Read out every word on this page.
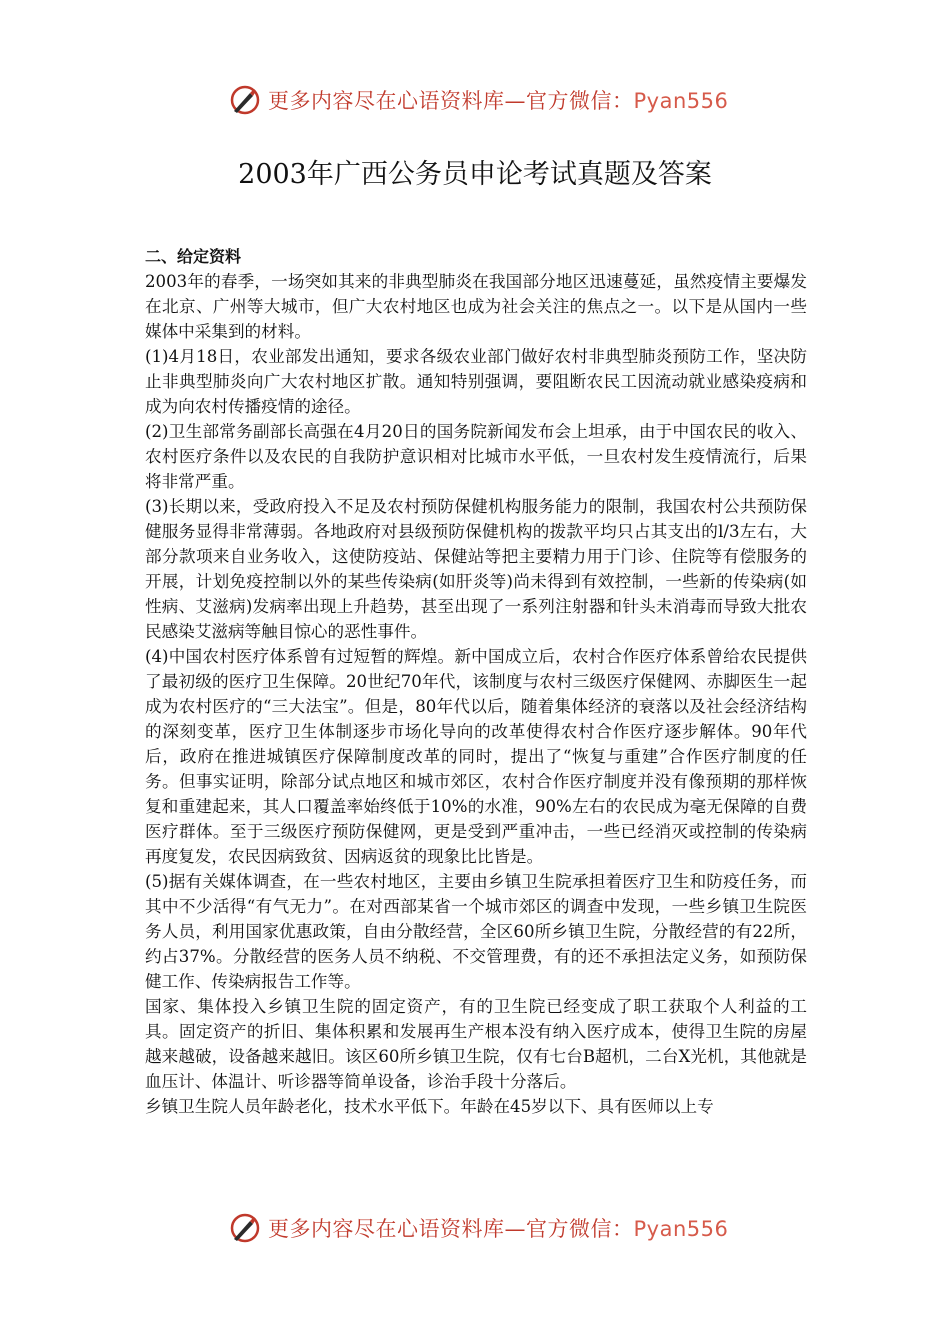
更多内容尽在心语资料库—官方微信：Pyan556
2003年广西公务员申论考试真题及答案

二、给定资料

2003年的春季，一场突如其来的非典型肺炎在我国部分地区迅速蔓延，虽然疫情主要爆发在北京、广州等大城市，但广大农村地区也成为社会关注的焦点之一。以下是从国内一些媒体中采集到的材料。

(1)4月18日，农业部发出通知，要求各级农业部门做好农村非典型肺炎预防工作，坚决防止非典型肺炎向广大农村地区扩散。通知特别强调，要阻断农民工因流动就业感染疫病和成为向农村传播疫情的途径。

(2)卫生部常务副部长高强在4月20日的国务院新闻发布会上坦承，由于中国农民的收入、农村医疗条件以及农民的自我防护意识相对比城市水平低，一旦农村发生疫情流行，后果将非常严重。

(3)长期以来，受政府投入不足及农村预防保健机构服务能力的限制，我国农村公共预防保健服务显得非常薄弱。各地政府对县级预防保健机构的拨款平均只占其支出的l/3左右，大部分款项来自业务收入，这使防疫站、保健站等把主要精力用于门诊、住院等有偿服务的开展，计划免疫控制以外的某些传染病(如肝炎等)尚未得到有效控制，一些新的传染病(如性病、艾滋病)发病率出现上升趋势，甚至出现了一系列注射器和针头未消毒而导致大批农民感染艾滋病等触目惊心的恶性事件。

(4)中国农村医疗体系曾有过短暂的辉煌。新中国成立后，农村合作医疗体系曾给农民提供了最初级的医疗卫生保障。20世纪70年代，该制度与农村三级医疗保健网、赤脚医生一起成为农村医疗的“三大法宝”。但是，80年代以后，随着集体经济的衰落以及社会经济结构的深刻变革，医疗卫生体制逐步市场化导向的改革使得农村合作医疗逐步解体。90年代后，政府在推进城镇医疗保障制度改革的同时，提出了“恢复与重建”合作医疗制度的任务。但事实证明，除部分试点地区和城市郊区，农村合作医疗制度并没有像预期的那样恢复和重建起来，其人口覆盖率始终低于10%的水准，90%左右的农民成为毫无保障的自费医疗群体。至于三级医疗预防保健网，更是受到严重冲击，一些已经消灭或控制的传染病再度复发，农民因病致贫、因病返贫的现象比比皆是。

(5)据有关媒体调查，在一些农村地区，主要由乡镇卫生院承担着医疗卫生和防疫任务，而其中不少活得“有气无力”。在对西部某省一个城市郊区的调查中发现，一些乡镇卫生院医务人员，利用国家优惠政策，自由分散经营，全区60所乡镇卫生院，分散经营的有22所，约占37%。分散经营的医务人员不纳税、不交管理费，有的还不承担法定义务，如预防保健工作、传染病报告工作等。

国家、集体投入乡镇卫生院的固定资产，有的卫生院已经变成了职工获取个人利益的工具。固定资产的折旧、集体积累和发展再生产根本没有纳入医疗成本，使得卫生院的房屋越来越破，设备越来越旧。该区60所乡镇卫生院，仅有七台B超机，二台X光机，其他就是血压计、体温计、听诊器等简单设备，诊治手段十分落后。

乡镇卫生院人员年龄老化，技术水平低下。年龄在45岁以下、具有医师以上专

更多内容尽在心语资料库—官方微信：Pyan556
